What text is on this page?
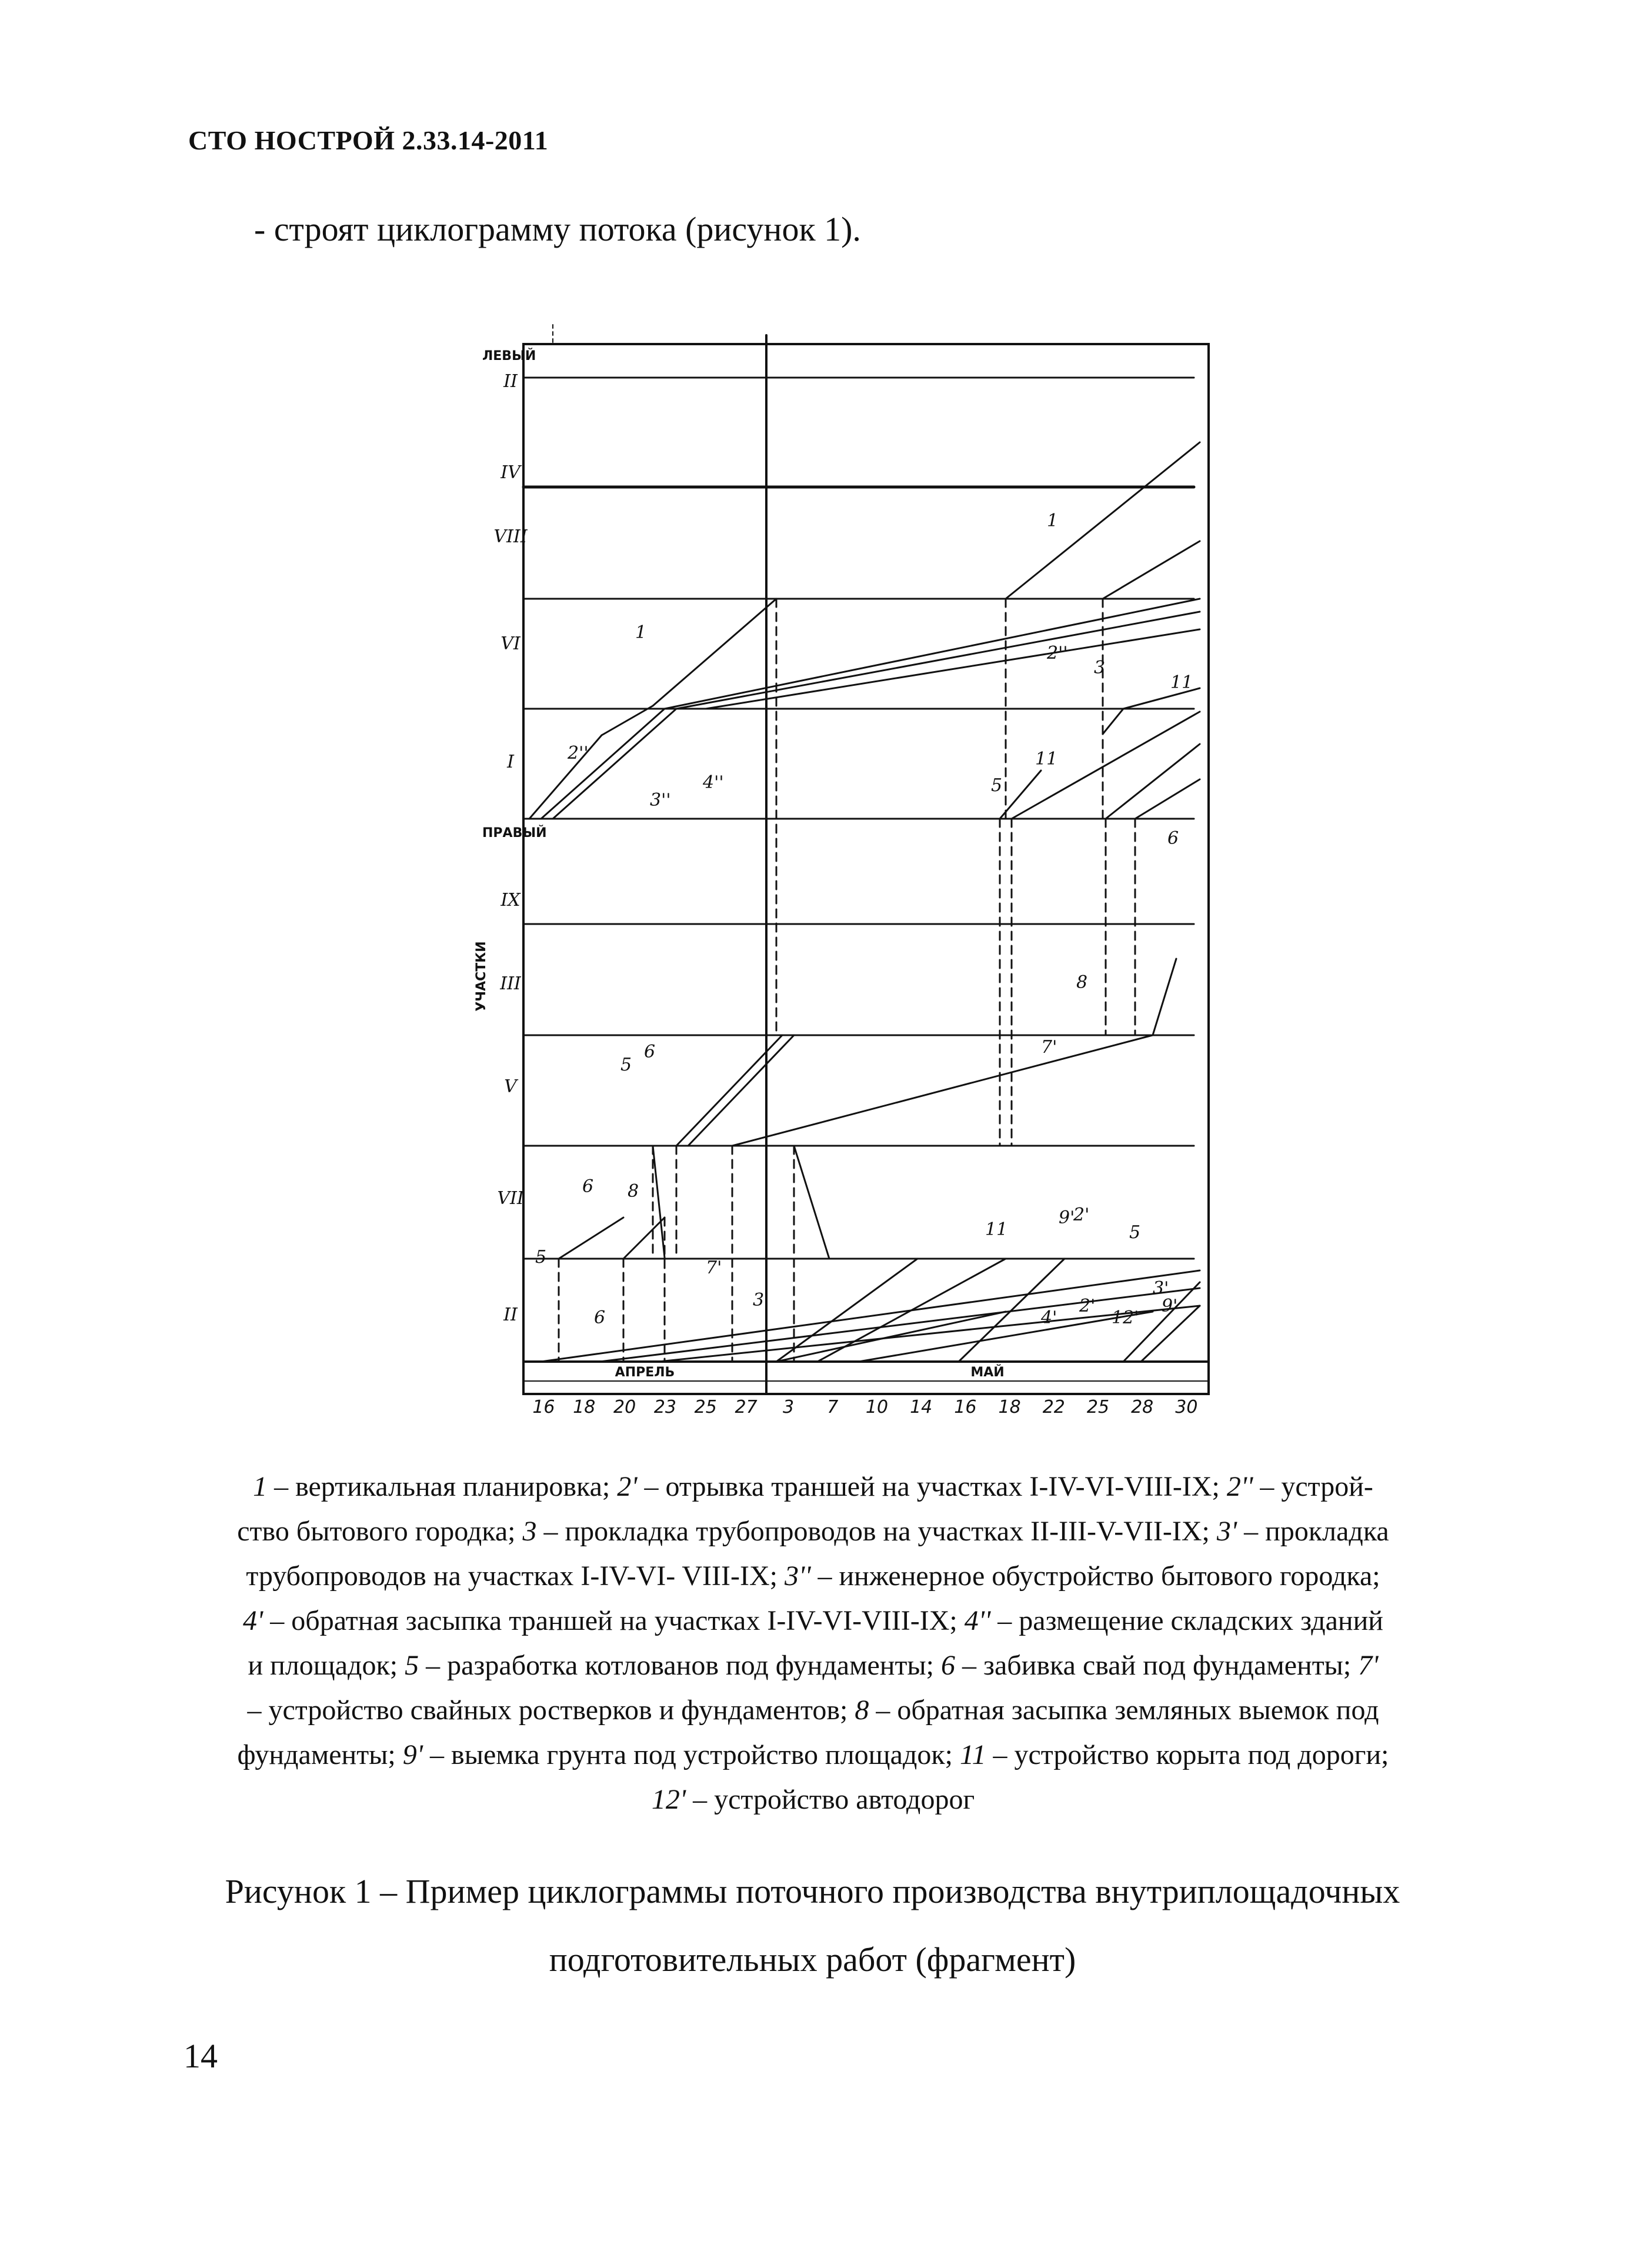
СТО НОСТРОЙ 2.33.14-2011
- строят циклограмму потока (рисунок 1).
II
IV
VIII
VI
I
IX
III
V
VII
II
ЛЕВЫЙ
ПРАВЫЙ
УЧАСТКИ
АПРЕЛЬ	МАЙ
16 18 20 23 25 27 3 7 10 14 16 18 22 25 28 30
1
2''
3
11
1
3''
4''	5
11
2''
6
8
5
6	7'
6 8
5
7'
3'
11
9'
5
6
2'
3'
2'
4'	12'
9'

1 – вертикальная планировка; 2' – отрывка траншей на участках I-IV-VI-VIII-IX; 2'' – устрой-

ство бытового городка; 3 – прокладка трубопроводов на участках II-III-V-VII-IX; 3' – прокладка

трубопроводов на участках I-IV-VI- VIII-IX; 3'' – инженерное обустройство бытового городка;

4' – обратная засыпка траншей на участках I-IV-VI-VIII-IX; 4'' – размещение складских зданий

и площадок; 5 – разработка котлованов под фундаменты; 6 – забивка свай под фундаменты; 7'

– устройство свайных ростверков и фундаментов; 8 – обратная засыпка земляных выемок под

фундаменты; 9' – выемка грунта под устройство площадок; 11 – устройство корыта под дороги;

12' – устройство автодорог

Рисунок 1 – Пример циклограммы поточного производства внутриплощадочных

подготовительных работ (фрагмент)

14
